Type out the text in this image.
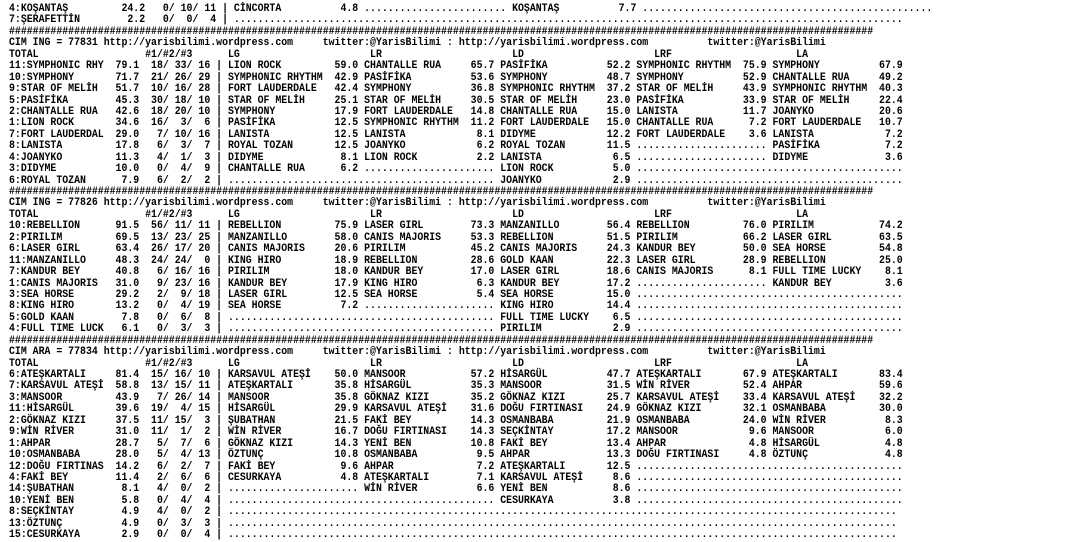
4:KOŞANTAŞ         24.2   0/ 10/ 11 | CİNCORTA          4.8 ........................ KOŞANTAŞ          7.7 .................................................
7:ŞERAFETTİN        2.2   0/  0/  4 | .................................................................................................................
##################################################################################################################################################
CIM ING = 77831 http://yarisbilimi.wordpress.com     twitter:@YarisBilimi : http://yarisbilimi.wordpress.com          twitter:@YarisBilimi
TOTAL                  #1/#2/#3      LG                      LR                      LD                      LRF                     LA
11:SYMPHONIC RHY  79.1  18/ 33/ 16 | LION ROCK         59.0 CHANTALLE RUA     65.7 PASİFİKA          52.2 SYMPHONIC RHYTHM  75.9 SYMPHONY          67.9
10:SYMPHONY       71.7  21/ 26/ 29 | SYMPHONIC RHYTHM  42.9 PASİFİKA          53.6 SYMPHONY          48.7 SYMPHONY          52.9 CHANTALLE RUA     49.2
9:STAR OF MELİH   51.7  10/ 16/ 28 | FORT LAUDERDALE   42.4 SYMPHONY          36.8 SYMPHONIC RHYTHM  37.2 STAR OF MELİH     43.9 SYMPHONIC RHYTHM  40.3
5:PASİFİKA        45.3  30/ 18/ 10 | STAR OF MELİH     25.1 STAR OF MELİH     30.5 STAR OF MELİH     23.0 PASİFİKA          33.9 STAR OF MELİH     22.4
2:CHANTALLE RUA   42.6  18/ 20/ 10 | SYMPHONY          17.9 FORT LAUDERDALE   14.8 CHANTALLE RUA     15.0 LANISTA           11.7 JOANYKO           20.6
1:LION ROCK       34.6  16/  3/  6 | PASİFİKA          12.5 SYMPHONIC RHYTHM  11.2 FORT LAUDERDALE   15.0 CHANTALLE RUA      7.2 FORT LAUDERDALE   10.7
7:FORT LAUDERDAL  29.0   7/ 10/ 16 | LANISTA           12.5 LANISTA            8.1 DIDYME            12.2 FORT LAUDERDALE    3.6 LANISTA            7.2
8:LANISTA         17.8   6/  3/  7 | ROYAL TOZAN       12.5 JOANYKO            6.2 ROYAL TOZAN       11.5 ...................... PASİFİKA           7.2
4:JOANYKO         11.3   4/  1/  3 | DIDYME             8.1 LION ROCK          2.2 LANISTA            6.5 ...................... DIDYME             3.6
3:DIDYME          10.0   0/  4/  9 | CHANTALLE RUA      6.2 ...................... LION ROCK          5.0 .............................................
6:ROYAL TOZAN      7.9   6/  2/  2 | ............................................. JOANYKO            2.9 .............................................
##################################################################################################################################################
CIM ING = 77826 http://yarisbilimi.wordpress.com     twitter:@YarisBilimi : http://yarisbilimi.wordpress.com          twitter:@YarisBilimi
TOTAL                  #1/#2/#3      LG                      LR                      LD                      LRF                     LA
10:REBELLION      91.5  56/ 11/ 11 | REBELLION         75.9 LASER GIRL        73.3 MANZANILLO        56.4 REBELLION         76.0 PIRILIM           74.2
2:PIRILIM         69.5  13/ 23/ 25 | MANZANILLO        58.0 CANIS MAJORIS     53.3 REBELLION         51.5 PIRILIM           66.2 LASER GIRL        63.5
6:LASER GIRL      63.4  26/ 17/ 20 | CANIS MAJORIS     20.6 PIRILIM           45.2 CANIS MAJORIS     24.3 KANDUR BEY        50.0 SEA HORSE         54.8
11:MANZANILLO     48.3  24/ 24/  0 | KING HIRO         18.9 REBELLION         28.6 GOLD KAAN         22.3 LASER GIRL        28.9 REBELLION         25.0
7:KANDUR BEY      40.8   6/ 16/ 16 | PIRILIM           18.0 KANDUR BEY        17.0 LASER GIRL        18.6 CANIS MAJORIS      8.1 FULL TIME LUCKY    8.1
1:CANIS MAJORIS   31.0   9/ 23/ 16 | KANDUR BEY        17.9 KING HIRO          6.3 KANDUR BEY        17.2 ...................... KANDUR BEY         3.6
3:SEA HORSE       29.2   2/  9/ 18 | LASER GIRL        12.5 SEA HORSE          5.4 SEA HORSE         15.0 .............................................
8:KING HIRO       13.2   0/  4/ 19 | SEA HORSE          7.2 ...................... KING HIRO         14.4 .............................................
5:GOLD KAAN        7.8   0/  6/  8 | ............................................. FULL TIME LUCKY    6.5 .............................................
4:FULL TIME LUCK   6.1   0/  3/  3 | ............................................. PIRILIM            2.9 .............................................
##################################################################################################################################################
CIM ARA = 77834 http://yarisbilimi.wordpress.com     twitter:@YarisBilimi : http://yarisbilimi.wordpress.com          twitter:@YarisBilimi
TOTAL                  #1/#2/#3      LG                      LR                      LD                      LRF                     LA
6:ATEŞKARTALI     81.4  15/ 16/ 10 | KARSAVUL ATEŞİ    50.0 MANSOOR           57.2 HİSARGÜL          47.7 ATEŞKARTALI       67.9 ATEŞKARTALI       83.4
7:KARSAVUL ATEŞİ  58.8  13/ 15/ 11 | ATEŞKARTALI       35.8 HİSARGÜL          35.3 MANSOOR           31.5 WİN RİVER         52.4 AHPAR             59.6
3:MANSOOR         43.9   7/ 26/ 14 | MANSOOR           35.8 GÖKNAZ KIZI       35.2 GÖKNAZ KIZI       25.7 KARSAVUL ATEŞİ    33.4 KARSAVUL ATEŞİ    32.2
11:HİSARGÜL       39.6  19/  4/ 15 | HİSARGÜL          29.9 KARSAVUL ATEŞİ    31.6 DOĞU FIRTINASI    24.9 GÖKNAZ KIZI       32.1 OSMANBABA         30.0
2:GÖKNAZ KIZI     37.5  11/ 15/  3 | ŞUBATHAN          21.5 FAKİ BEY          14.3 OSMANBABA         21.9 OSMANBABA         24.0 WİN RİVER          8.3
9:WİN RİVER       31.0  11/  1/  2 | WİN RİVER         16.7 DOĞU FIRTINASI    14.3 SEÇKİNTAY         17.2 MANSOOR            9.6 MANSOOR            6.0
1:AHPAR           28.7   5/  7/  6 | GÖKNAZ KIZI       14.3 YENİ BEN          10.8 FAKİ BEY          13.4 AHPAR              4.8 HİSARGÜL           4.8
10:OSMANBABA      28.0   5/  4/ 13 | ÖZTUNÇ            10.8 OSMANBABA          9.5 AHPAR             13.3 DOĞU FIRTINASI     4.8 ÖZTUNÇ             4.8
12:DOĞU FIRTINAS  14.2   6/  2/  7 | FAKİ BEY           9.6 AHPAR              7.2 ATEŞKARTALI       12.5 .............................................
4:FAKİ BEY        11.4   2/  6/  6 | CESURKAYA          4.8 ATEŞKARTALI        7.1 KARSAVUL ATEŞİ     8.6 .............................................
14:ŞUBATHAN        8.1   4/  0/  2 | ...................... WİN RİVER          6.6 YENİ BEN           8.6 .............................................
10:YENİ BEN        5.8   0/  4/  4 | ............................................. CESURKAYA          3.8 .............................................
8:SEÇKİNTAY        4.9   4/  0/  2 | .................................................................................................................
13:ÖZTUNÇ          4.9   0/  3/  3 | .................................................................................................................
15:CESURKAYA       2.9   0/  0/  4 | .................................................................................................................
